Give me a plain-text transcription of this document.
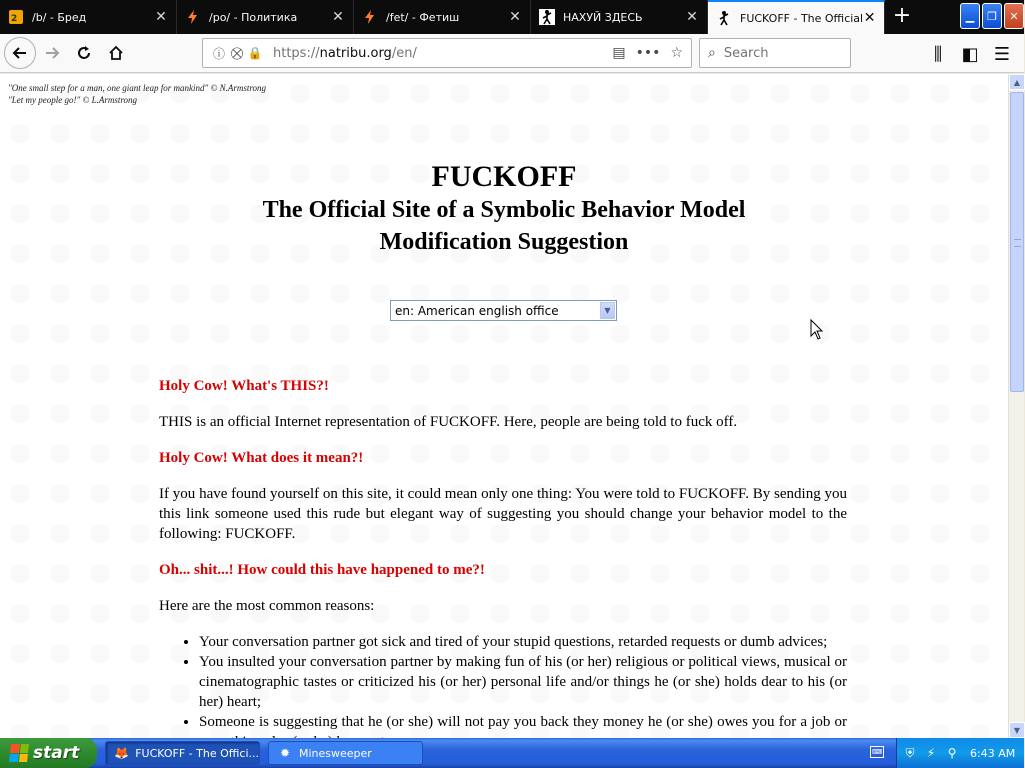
2 /b/ - Бред	✕	/po/ - Политика	✕	/fet/ - Фетиш	✕	НАХУЙ ЗДЕСЬ	✕	FUCKOFF - The Official ✕ +	▁	❐	✕
ⓘ ⛒ 🔒 https://natribu.org/en/	▤ ••• ☆ ⌕ Search	⫼ ◧ ☰
"One small step for a man, one giant leap for mankind" © N.Armstrong
"Let my people go!" © L.Armstrong
FUCKOFF
The Official Site of a Symbolic Behavior Model
Modification Suggestion
en: American english office	▼
Holy Cow! What's THIS?!

THIS is an official Internet representation of FUCKOFF. Here, people are being told to fuck off.

Holy Cow! What does it mean?!

If you have found yourself on this site, it could mean only one thing: You were told to FUCKOFF. By sending you this link someone used this rude but elegant way of suggesting you should change your behavior model to the following: FUCKOFF.

Oh... shit...! How could this have happened to me?!

Here are the most common reasons:

• Your conversation partner got sick and tired of your stupid questions, retarded requests or dumb advices;
• You insulted your conversation partner by making fun of his (or her) religious or political views, musical or cinematographic tastes or criticized his (or her) personal life and/or things he (or she) holds dear to his (or her) heart;
• Someone is suggesting that he (or she) will not pay you back they money he (or she) owes you for a job or
▲
▼
start	🦊 FUCKOFF - The Offici... ✹ Minesweeper	⌨ ⛨	⚡	⚲	6:43 AM
